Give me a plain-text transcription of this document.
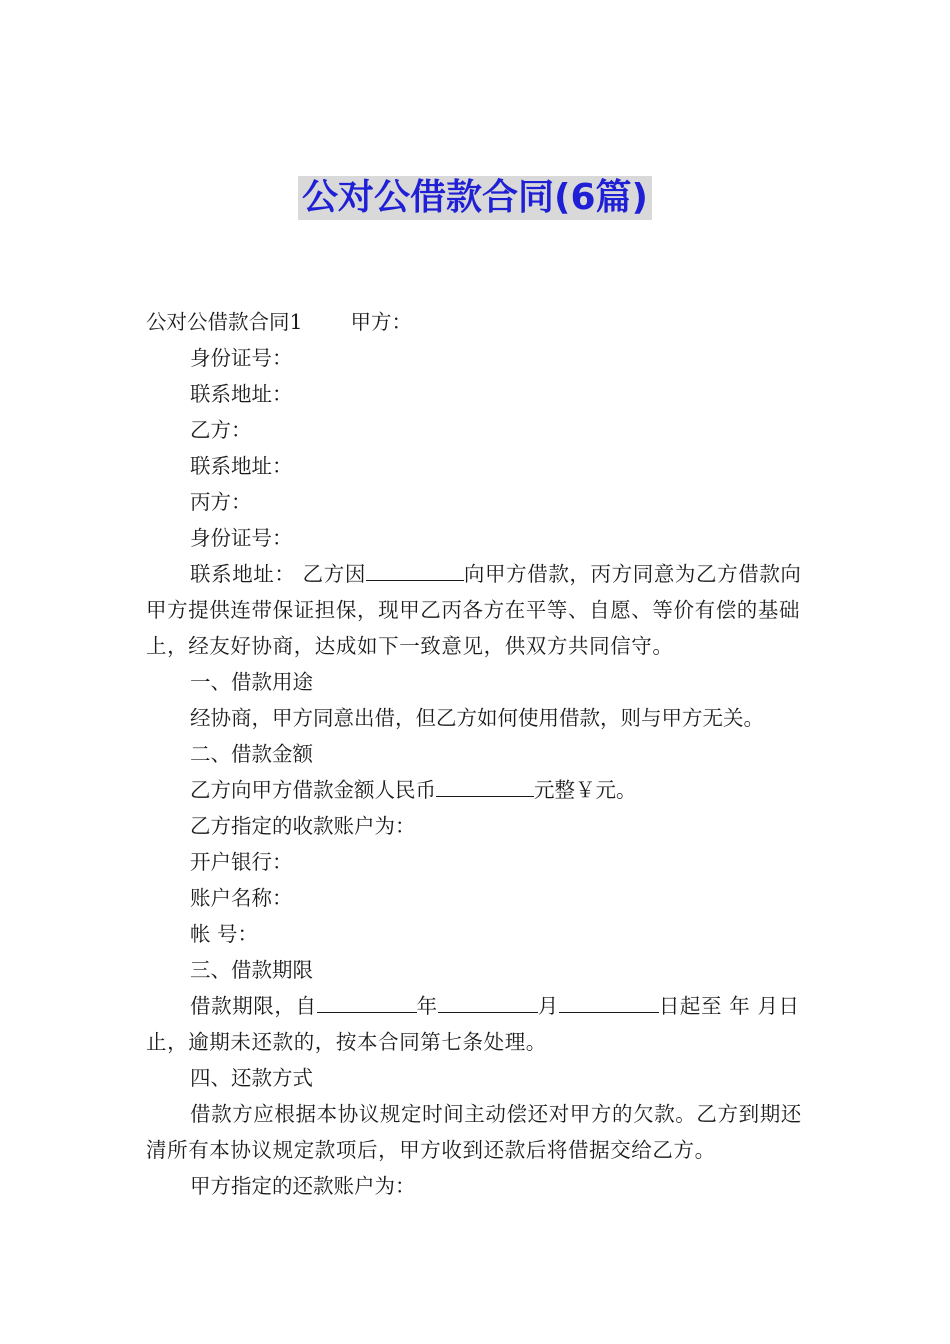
公对公借款合同(6篇)

公对公借款合同1 甲方：

身份证号：

联系地址：

乙方：

联系地址：

丙方：

身份证号：

联系地址： 乙方因	向甲方借款，丙方同意为乙方借款向甲方提供连带保证担保，现甲乙丙各方在平等、自愿、等价有偿的基础上，经友好协商，达成如下一致意见，供双方共同信守。

一、借款用途

经协商，甲方同意出借，但乙方如何使用借款，则与甲方无关。

二、借款金额

乙方向甲方借款金额人民币	元整￥元。

乙方指定的收款账户为：

开户银行：

账户名称：

帐 号：

三、借款期限

借款期限，自	年	月	日起至 年 月日止，逾期未还款的，按本合同第七条处理。

四、还款方式

借款方应根据本协议规定时间主动偿还对甲方的欠款。乙方到期还清所有本协议规定款项后，甲方收到还款后将借据交给乙方。

甲方指定的还款账户为：
